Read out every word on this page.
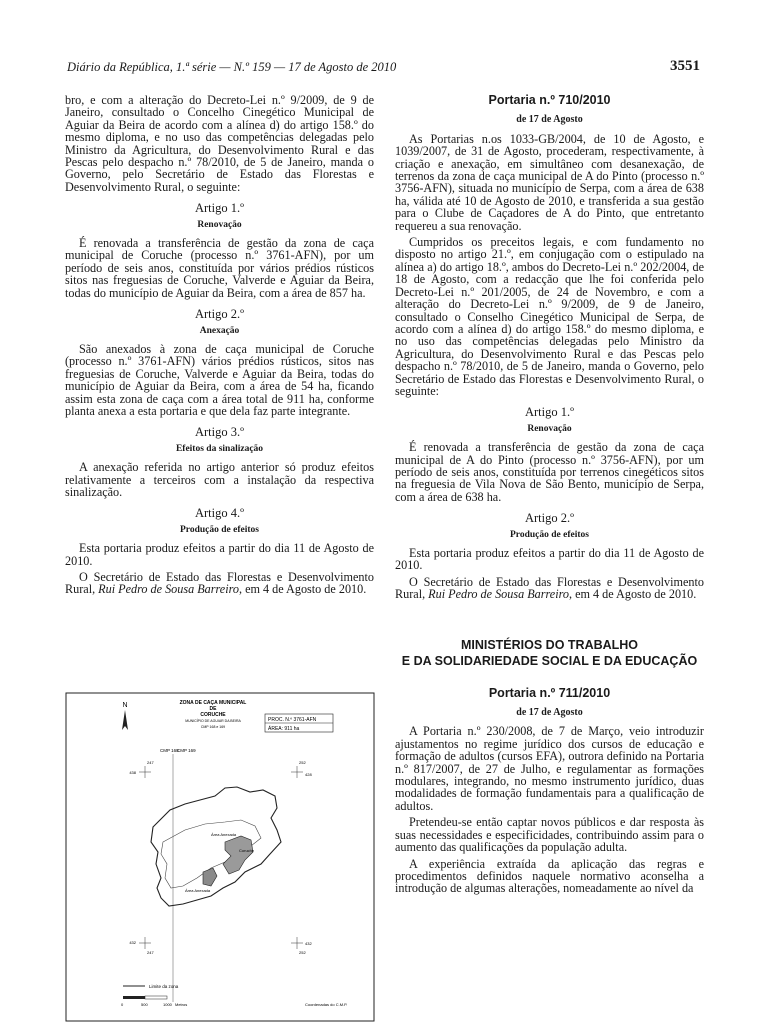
Diário da República, 1.ª série — N.º 159 — 17 de Agosto de 2010	3551

bro, e com a alteração do Decreto-Lei n.º 9/2009, de 9 de Janeiro, consultado o Concelho Cinegético Municipal de Aguiar da Beira de acordo com a alínea d) do artigo 158.º do mesmo diploma, e no uso das competências delegadas pelo Ministro da Agricultura, do Desenvolvimento Rural e das Pescas pelo despacho n.º 78/2010, de 5 de Janeiro, manda o Governo, pelo Secretário de Estado das Florestas e Desenvolvimento Rural, o seguinte:

Artigo 1.º
Renovação

É renovada a transferência de gestão da zona de caça municipal de Coruche (processo n.º 3761-AFN), por um período de seis anos, constituída por vários prédios rústicos sitos nas freguesias de Coruche, Valverde e Aguiar da Beira, todas do município de Aguiar da Beira, com a área de 857 ha.

Artigo 2.º
Anexação

São anexados à zona de caça municipal de Coruche (processo n.º 3761-AFN) vários prédios rústicos, sitos nas freguesias de Coruche, Valverde e Aguiar da Beira, todas do município de Aguiar da Beira, com a área de 54 ha, ficando assim esta zona de caça com a área total de 911 ha, conforme planta anexa a esta portaria e que dela faz parte integrante.

Artigo 3.º
Efeitos da sinalização

A anexação referida no artigo anterior só produz efeitos relativamente a terceiros com a instalação da respectiva sinalização.

Artigo 4.º
Produção de efeitos

Esta portaria produz efeitos a partir do dia 11 de Agosto de 2010.

O Secretário de Estado das Florestas e Desenvolvimento Rural, Rui Pedro de Sousa Barreiro, em 4 de Agosto de 2010.

ZONA DE CAÇA MUNICIPAL
DE
CORUCHE
MUNICÍPIO DE AGUIAR DA BEIRA
CMP 168 e 169
PROC. N.º 3761-AFN
ÁREA: 911 ha
N
CMP 168
CMP 169
438
247
428
252
432
247
432
252
Área Anexada
Coruche
Área Anexada
Limite da zona
0	500	1000 Metros	Coordenadas do C.M.P.
Portaria n.º 710/2010
de 17 de Agosto

As Portarias n.os 1033-GB/2004, de 10 de Agosto, e 1039/2007, de 31 de Agosto, procederam, respectivamente, à criação e anexação, em simultâneo com desanexação, de terrenos da zona de caça municipal de A do Pinto (processo n.º 3756-AFN), situada no município de Serpa, com a área de 638 ha, válida até 10 de Agosto de 2010, e transferida a sua gestão para o Clube de Caçadores de A do Pinto, que entretanto requereu a sua renovação.

Cumpridos os preceitos legais, e com fundamento no disposto no artigo 21.º, em conjugação com o estipulado na alínea a) do artigo 18.º, ambos do Decreto-Lei n.º 202/2004, de 18 de Agosto, com a redacção que lhe foi conferida pelo Decreto-Lei n.º 201/2005, de 24 de Novembro, e com a alteração do Decreto-Lei n.º 9/2009, de 9 de Janeiro, consultado o Conselho Cinegético Municipal de Serpa, de acordo com a alínea d) do artigo 158.º do mesmo diploma, e no uso das competências delegadas pelo Ministro da Agricultura, do Desenvolvimento Rural e das Pescas pelo despacho n.º 78/2010, de 5 de Janeiro, manda o Governo, pelo Secretário de Estado das Florestas e Desenvolvimento Rural, o seguinte:

Artigo 1.º
Renovação

É renovada a transferência de gestão da zona de caça municipal de A do Pinto (processo n.º 3756-AFN), por um período de seis anos, constituída por terrenos cinegéticos sitos na freguesia de Vila Nova de São Bento, município de Serpa, com a área de 638 ha.

Artigo 2.º
Produção de efeitos

Esta portaria produz efeitos a partir do dia 11 de Agosto de 2010.

O Secretário de Estado das Florestas e Desenvolvimento Rural, Rui Pedro de Sousa Barreiro, em 4 de Agosto de 2010.

MINISTÉRIOS DO TRABALHO
E DA SOLIDARIEDADE SOCIAL E DA EDUCAÇÃO
Portaria n.º 711/2010
de 17 de Agosto

A Portaria n.º 230/2008, de 7 de Março, veio introduzir ajustamentos no regime jurídico dos cursos de educação e formação de adultos (cursos EFA), outrora definido na Portaria n.º 817/2007, de 27 de Julho, e regulamentar as formações modulares, integrando, no mesmo instrumento jurídico, duas modalidades de formação fundamentais para a qualificação de adultos.

Pretendeu-se então captar novos públicos e dar resposta às suas necessidades e especificidades, contribuindo assim para o aumento das qualificações da população adulta.

A experiência extraída da aplicação das regras e procedimentos definidos naquele normativo aconselha a introdução de algumas alterações, nomeadamente ao nível da
